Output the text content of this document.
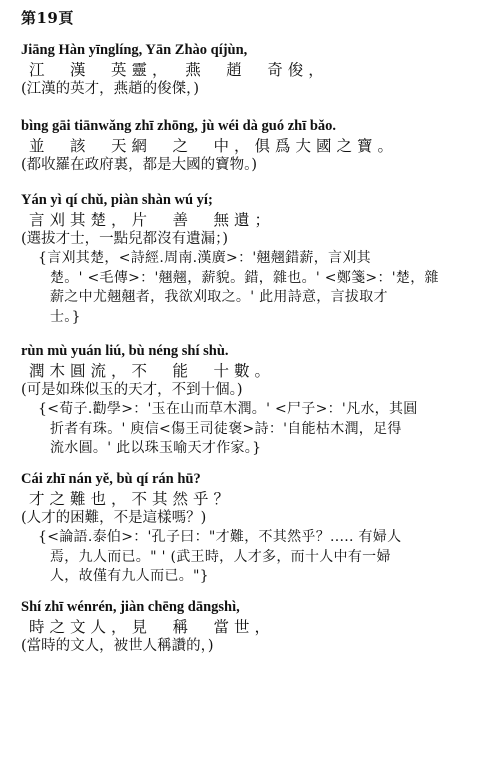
第19頁
Jiāng Hàn yīnglíng, Yān Zhào qíjùn,
江　漢　英靈，　燕　趙　奇俊，
(江漢的英才，燕趙的俊傑，)
bìng gāi tiānwǎng zhī zhōng, jù wéi dà guó zhī bǎo.
並　該　天網　之　中，俱爲大國之寶。
(都收羅在政府裏，都是大國的寶物。)
Yán yì qí chǔ, piàn shàn wú yí;
言刈其楚，片　善　無遺；
(選拔才士，一點兒都沒有遺漏；)
{言刈其楚，<詩經.周南.漢廣>：'翹翹錯薪，言刈其
楚。' <毛傳>：'翹翹，薪貌。錯，雜也。' <鄭箋>：'楚，雜
薪之中尤翹翹者，我欲刈取之。' 此用詩意，言拔取才
士。}
rùn mù yuán liú, bù néng shí shù.
潤木圓流，不　能　十數。
(可是如珠似玉的天才，不到十個。)
{<荀子.勸學>：'玉在山而草木潤。' <尸子>：'凡水，其圓
折者有珠。' 庾信<傷王司徒褒>詩：'自能枯木潤，足得
流水圓。' 此以珠玉喻天才作家。}
Cái zhī nán yě, bù qí rán hū?
才之難也，不其然乎？
(人才的困難，不是這樣嗎？)
{<論語.泰伯>：'孔子曰："才難，不其然乎？..... 有婦人
焉，九人而已。" ' (武王時，人才多，而十人中有一婦
人，故僅有九人而已。"}
Shí zhī wénrén, jiàn chēng dāngshì,
時之文人，見　稱　當世，
(當時的文人，被世人稱讚的，)
